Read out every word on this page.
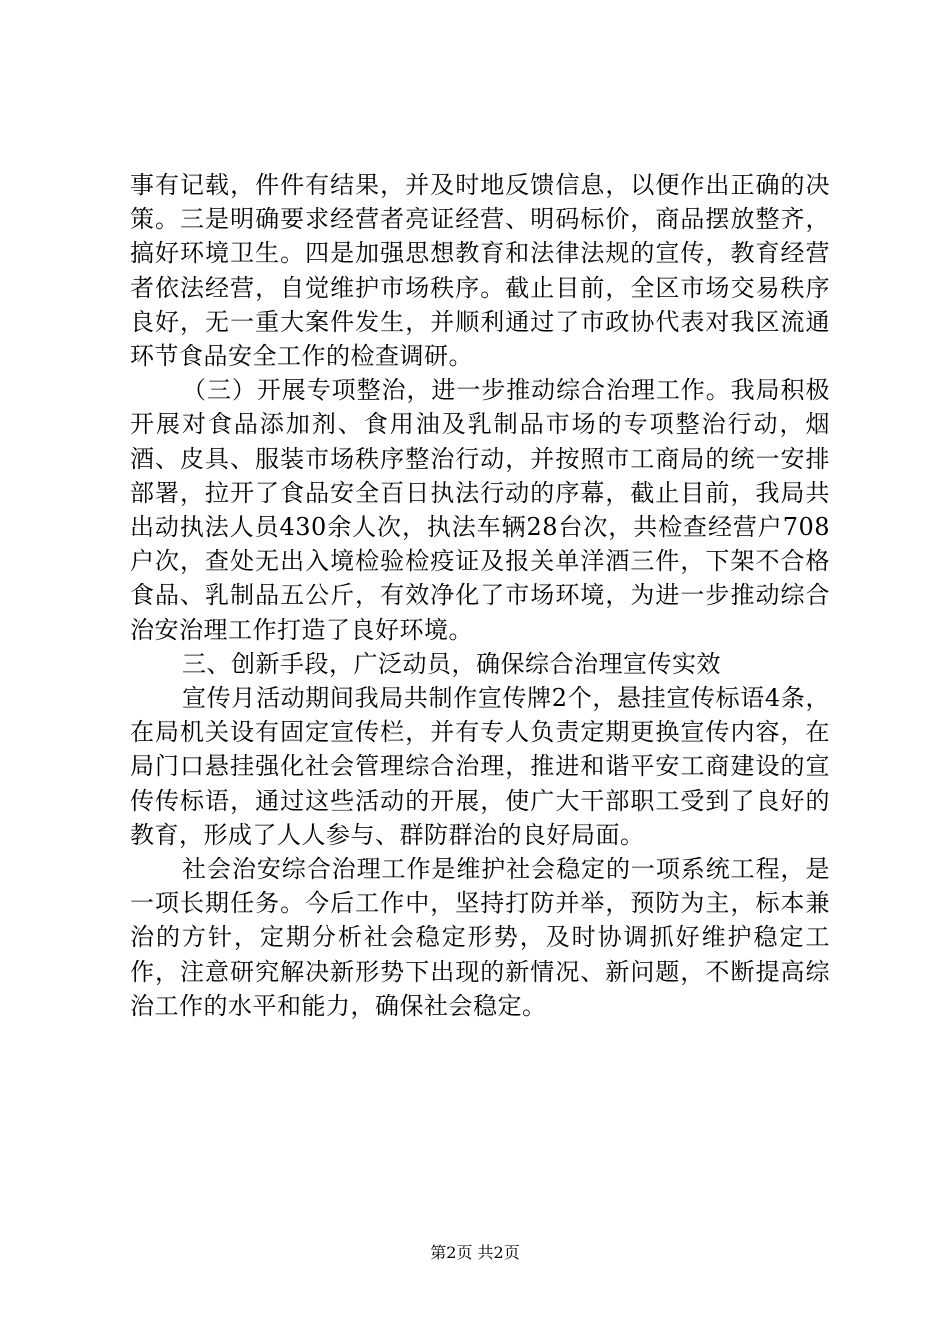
事有记载，件件有结果，并及时地反馈信息，以便作出正确的决策。三是明确要求经营者亮证经营、明码标价，商品摆放整齐，搞好环境卫生。四是加强思想教育和法律法规的宣传，教育经营者依法经营，自觉维护市场秩序。截止目前，全区市场交易秩序良好，无一重大案件发生，并顺利通过了市政协代表对我区流通环节食品安全工作的检查调研。

（三）开展专项整治，进一步推动综合治理工作。我局积极开展对食品添加剂、食用油及乳制品市场的专项整治行动，烟酒、皮具、服装市场秩序整治行动，并按照市工商局的统一安排部署，拉开了食品安全百日执法行动的序幕，截止目前，我局共出动执法人员430余人次，执法车辆28台次，共检查经营户708户次，查处无出入境检验检疫证及报关单洋酒三件，下架不合格食品、乳制品五公斤，有效净化了市场环境，为进一步推动综合治安治理工作打造了良好环境。

三、创新手段，广泛动员，确保综合治理宣传实效

宣传月活动期间我局共制作宣传牌2个，悬挂宣传标语4条，在局机关设有固定宣传栏，并有专人负责定期更换宣传内容，在局门口悬挂强化社会管理综合治理，推进和谐平安工商建设的宣传传标语，通过这些活动的开展，使广大干部职工受到了良好的教育，形成了人人参与、群防群治的良好局面。

社会治安综合治理工作是维护社会稳定的一项系统工程，是一项长期任务。今后工作中，坚持打防并举，预防为主，标本兼治的方针，定期分析社会稳定形势，及时协调抓好维护稳定工作，注意研究解决新形势下出现的新情况、新问题，不断提高综治工作的水平和能力，确保社会稳定。

第2页 共2页
